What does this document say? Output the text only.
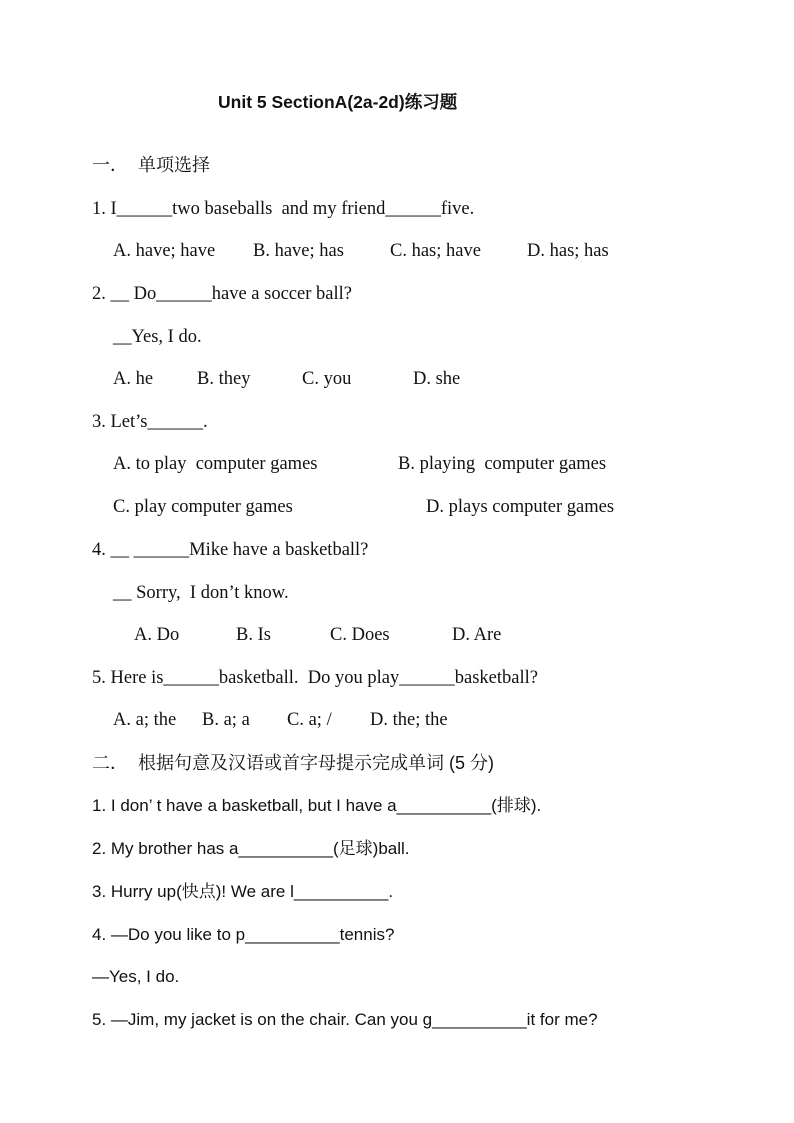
Unit 5 SectionA(2a-2d)练习题
一．  单项选择
1. I______two baseballs  and my friend______five.
A. have; have B. have; has C. has; have D. has; has
2. __ Do______have a soccer ball?
__Yes, I do.
A. he B. they	C. you	D. she
3. Let’s______.
A. to play  computer games	B. playing  computer games
C. play computer games	D. plays computer games
4. __ ______Mike have a basketball?
__ Sorry,  I don’t know.
A. Do	B. Is	C. Does	D. Are
5. Here is______basketball.  Do you play______basketball?
A. a; the B. a; a C. a; / D. the; the
二．  根据句意及汉语或首字母提示完成单词 (5 分)
1. I don’ t have a basketball, but I have a__________(排球).
2. My brother has a__________(足球)ball.
3. Hurry up(快点)! We are l__________.
4. —Do you like to p__________tennis?
—Yes, I do.
5. —Jim, my jacket is on the chair. Can you g__________it for me?
